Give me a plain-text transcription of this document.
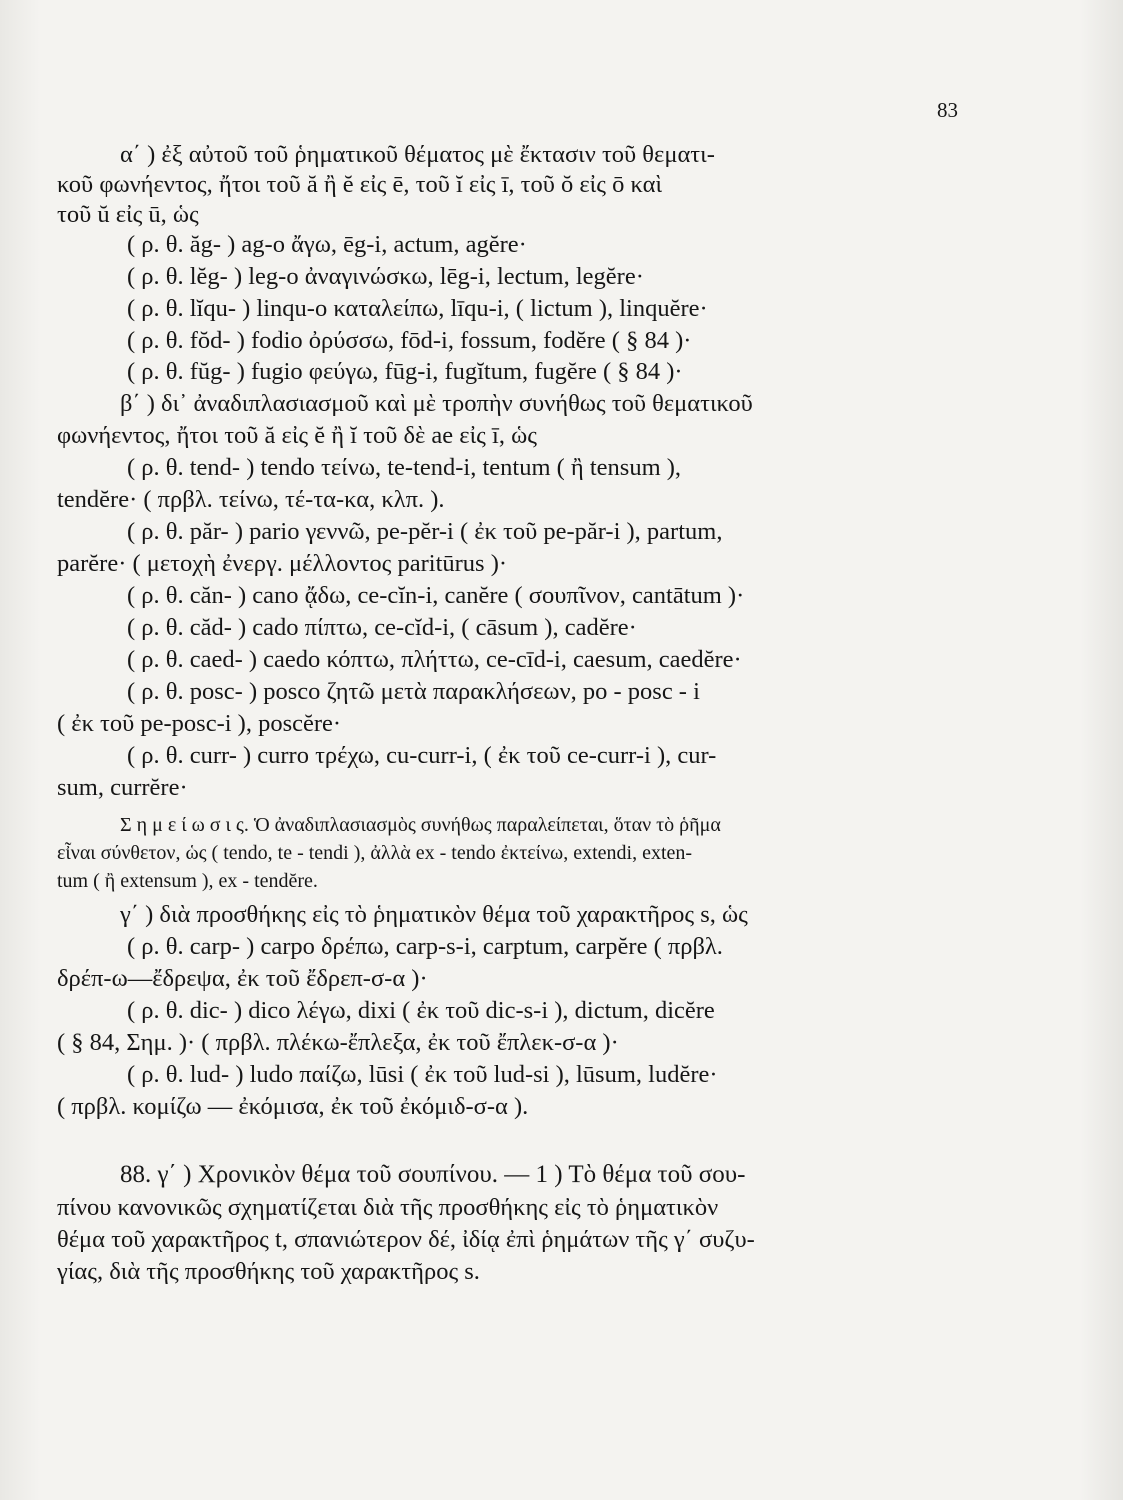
83
α΄ ) ἐξ αὐτοῦ τοῦ ῥηματικοῦ θέματος μὲ ἔκτασιν τοῦ θεματι-
κοῦ φωνήεντος, ἤτοι τοῦ ă ἢ ĕ εἰς ē, τοῦ ĭ εἰς ī, τοῦ ŏ εἰς ō καὶ
τοῦ ŭ εἰς ū, ὡς
( ρ. θ. ăg- ) ag-o ἄγω, ēg-i, actum, agĕre·
( ρ. θ. lĕg- ) leg-o ἀναγινώσκω, lēg-i, lectum, legĕre·
( ρ. θ. lĭqu- ) linqu-o καταλείπω, līqu-i, ( lictum ), linquĕre·
( ρ. θ. fŏd- ) fodio ὀρύσσω, fōd-i, fossum, fodĕre ( § 84 )·
( ρ. θ. fŭg- ) fugio φεύγω, fūg-i, fugĭtum, fugĕre ( § 84 )·
β΄ ) δι᾿ ἀναδιπλασιασμοῦ καὶ μὲ τροπὴν συνήθως τοῦ θεματικοῦ
φωνήεντος, ἤτοι τοῦ ă εἰς ĕ ἢ ĭ τοῦ δὲ ae εἰς ī, ὡς
( ρ. θ. tend- ) tendo τείνω, te-tend-i, tentum ( ἢ tensum ),
tendĕre· ( πρβλ. τείνω, τέ-τα-κα, κλπ. ).
( ρ. θ. păr- ) pario γεννῶ, pe-pĕr-i ( ἐκ τοῦ pe-păr-i ), partum,
parĕre· ( μετοχὴ ἐνεργ. μέλλοντος paritūrus )·
( ρ. θ. căn- ) cano ᾄδω, ce-cĭn-i, canĕre ( σουπῖνον, cantātum )·
( ρ. θ. căd- ) cado πίπτω, ce-cĭd-i, ( cāsum ), cadĕre·
( ρ. θ. caed- ) caedo κόπτω, πλήττω, ce-cīd-i, caesum, caedĕre·
( ρ. θ. posc- ) posco ζητῶ μετὰ παρακλήσεων, po - posc - i
( ἐκ τοῦ pe-posc-i ), poscĕre·
( ρ. θ. curr- ) curro τρέχω, cu-curr-i, ( ἐκ τοῦ ce-curr-i ), cur-
sum, currĕre·
Σ η μ ε ί ω σ ι ς. Ὁ ἀναδιπλασιασμὸς συνήθως παραλείπεται, ὅταν τὸ ῥῆμα
εἶναι σύνθετον, ὡς ( tendo, te - tendi ), ἀλλὰ ex - tendo ἐκτείνω, extendi, exten-
tum ( ἢ extensum ), ex - tendĕre.
γ΄ ) διὰ προσθήκης εἰς τὸ ῥηματικὸν θέμα τοῦ χαρακτῆρος s, ὡς
( ρ. θ. carp- ) carpo δρέπω, carp-s-i, carptum, carpĕre ( πρβλ.
δρέπ-ω—ἔδρεψα, ἐκ τοῦ ἔδρεπ-σ-α )·
( ρ. θ. dic- ) dico λέγω, dixi ( ἐκ τοῦ dic-s-i ), dictum, dicĕre
( § 84, Σημ. )· ( πρβλ. πλέκω-ἔπλεξα, ἐκ τοῦ ἔπλεκ-σ-α )·
( ρ. θ. lud- ) ludo παίζω, lūsi ( ἐκ τοῦ lud-si ), lūsum, ludĕre·
( πρβλ. κομίζω — ἐκόμισα, ἐκ τοῦ ἐκόμιδ-σ-α ).
88. γ΄ ) Χρονικὸν θέμα τοῦ σουπίνου. — 1 ) Τὸ θέμα τοῦ σου-
πίνου κανονικῶς σχηματίζεται διὰ τῆς προσθήκης εἰς τὸ ῥηματικὸν
θέμα τοῦ χαρακτῆρος t, σπανιώτερον δέ, ἰδίᾳ ἐπὶ ῥημάτων τῆς γ΄ συζυ-
γίας, διὰ τῆς προσθήκης τοῦ χαρακτῆρος s.
